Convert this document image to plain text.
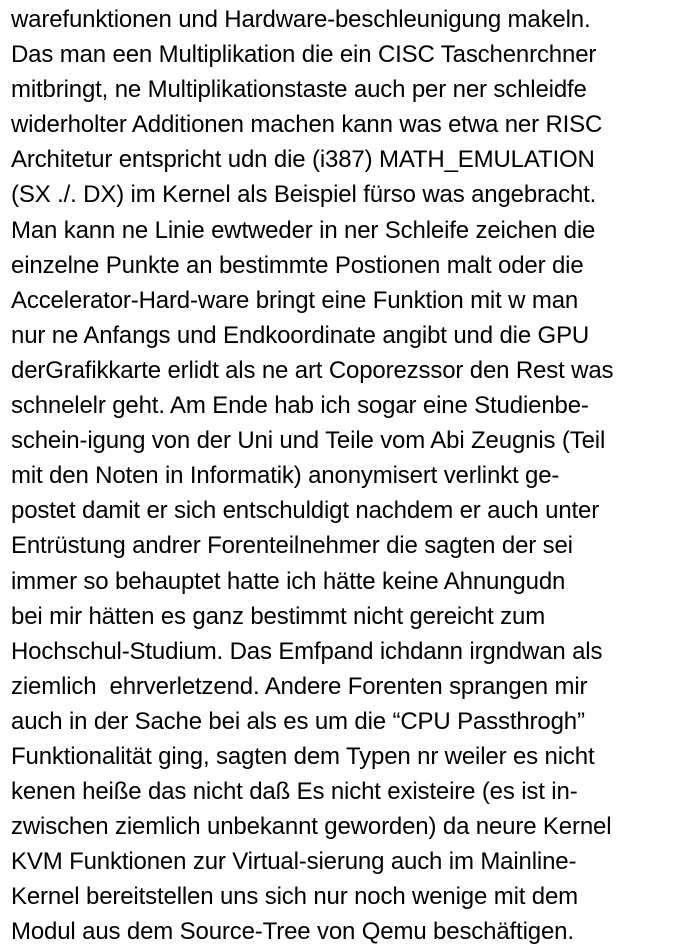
warefunktionen und Hardware-beschleunigung makeln.
Das man een Multiplikation die ein CISC Taschenrchner
mitbringt, ne Multiplikationstaste auch per ner schleidfe
widerholter Additionen machen kann was etwa ner RISC
Architetur entspricht udn die (i387) MATH_EMULATION
(SX ./. DX) im Kernel als Beispiel fürso was angebracht.
Man kann ne Linie ewtweder in ner Schleife zeichen die
einzelne Punkte an bestimmte Postionen malt oder die
Accelerator-Hard-ware bringt eine Funktion mit w man
nur ne Anfangs und Endkoordinate angibt und die GPU
derGrafikkarte erlidt als ne art Coporezssor den Rest was
schnelelr geht. Am Ende hab ich sogar eine Studienbe-
schein-igung von der Uni und Teile vom Abi Zeugnis (Teil
mit den Noten in Informatik) anonymisert verlinkt ge-
postet damit er sich entschuldigt nachdem er auch unter
Entrüstung andrer Forenteilnehmer die sagten der sei
immer so behauptet hatte ich hätte keine Ahnungudn
bei mir hätten es ganz bestimmt nicht gereicht zum
Hochschul-Studium. Das Emfpand ichdann irgndwan als
ziemlich  ehrverletzend. Andere Forenten sprangen mir
auch in der Sache bei als es um die “CPU Passthrogh”
Funktionalität ging, sagten dem Typen nr weiler es nicht
kenen heiße das nicht daß Es nicht existeire (es ist in-
zwischen ziemlich unbekannt geworden) da neure Kernel
KVM Funktionen zur Virtual-sierung auch im Mainline-
Kernel bereitstellen uns sich nur noch wenige mit dem
Modul aus dem Source-Tree von Qemu beschäftigen.
